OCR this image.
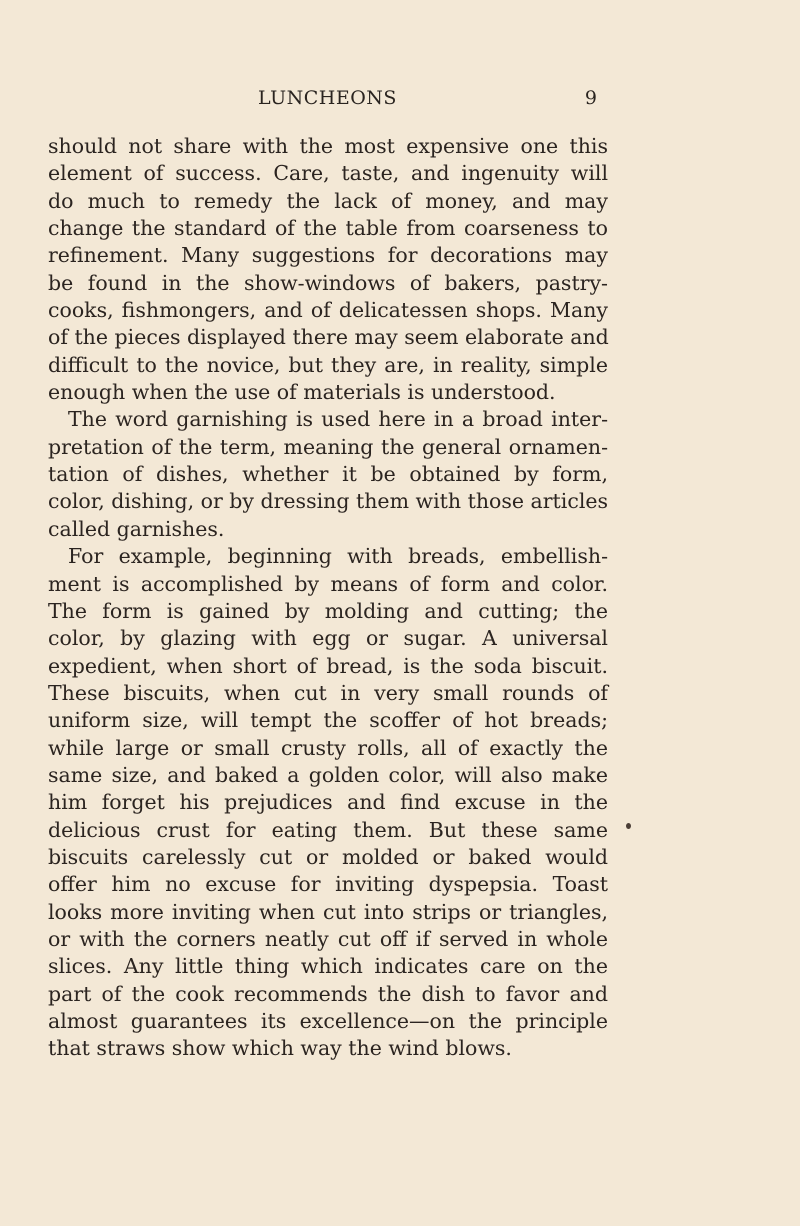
LUNCHEONS	9
should not share with the most expensive one this
element of success. Care, taste, and ingenuity will
do much to remedy the lack of money, and may
change the standard of the table from coarseness to
refinement. Many suggestions for decorations may
be found in the show-windows of bakers, pastry-
cooks, fishmongers, and of delicatessen shops. Many
of the pieces displayed there may seem elaborate and
difficult to the novice, but they are, in reality, simple
enough when the use of materials is understood.
The word garnishing is used here in a broad inter-
pretation of the term, meaning the general ornamen-
tation of dishes, whether it be obtained by form,
color, dishing, or by dressing them with those articles
called garnishes.
For example, beginning with breads, embellish-
ment is accomplished by means of form and color.
The form is gained by molding and cutting; the
color, by glazing with egg or sugar. A universal
expedient, when short of bread, is the soda biscuit.
These biscuits, when cut in very small rounds of
uniform size, will tempt the scoffer of hot breads;
while large or small crusty rolls, all of exactly the
same size, and baked a golden color, will also make
him forget his prejudices and find excuse in the
delicious crust for eating them. But these same
biscuits carelessly cut or molded or baked would
offer him no excuse for inviting dyspepsia. Toast
looks more inviting when cut into strips or triangles,
or with the corners neatly cut off if served in whole
slices. Any little thing which indicates care on the
part of the cook recommends the dish to favor and
almost guarantees its excellence—on the principle
that straws show which way the wind blows.
